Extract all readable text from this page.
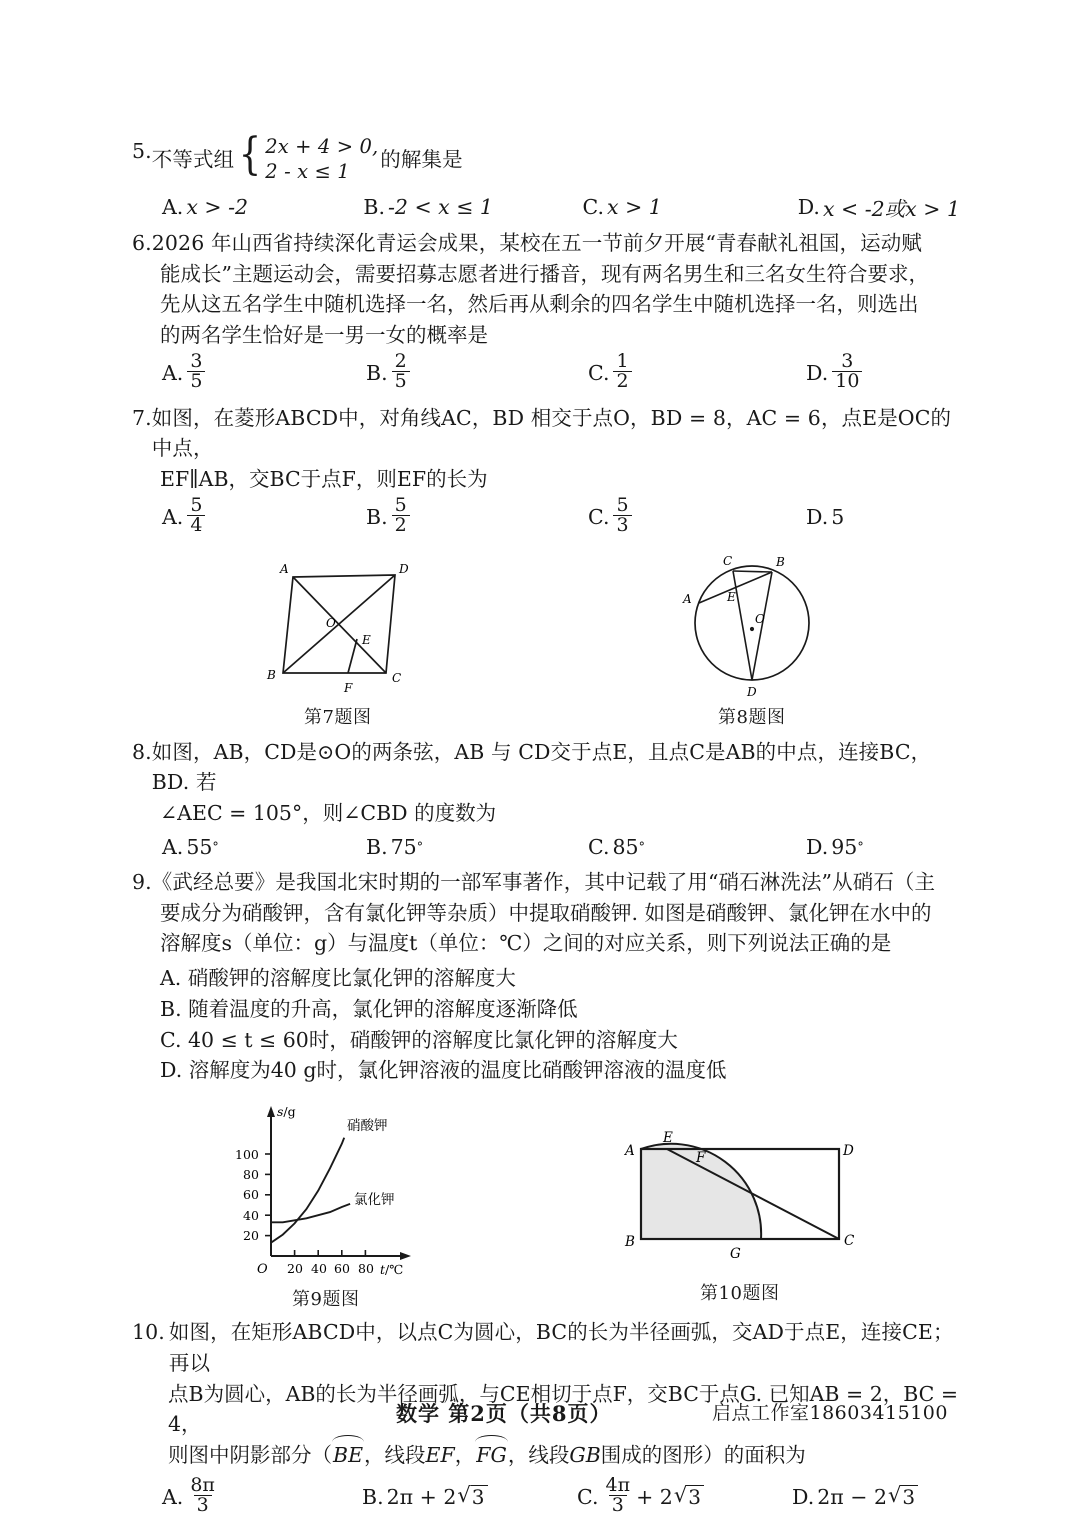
5. 不等式组 { 2x + 4 > 0,
2 - x ≤ 1	的解集是
A. x > -2	B. -2 < x ≤ 1	C. x > 1	D. x < -2或x > 1
6. 2026 年山西省持续深化青运会成果，某校在五一节前夕开展“青春献礼祖国，运动赋
能成长”主题运动会，需要招募志愿者进行播音，现有两名男生和三名女生符合要求，
先从这五名学生中随机选择一名，然后再从剩余的四名学生中随机选择一名，则选出
的两名学生恰好是一男一女的概率是
A. $\frac{3}{5}$	B. $\frac{2}{5}$	C. $\frac{1}{2}$	D. $\frac{3}{10}$
7. 如图，在菱形ABCD中，对角线AC，BD 相交于点O，BD = 8，AC = 6，点E是OC的中点，
EF∥AB，交BC于点F，则EF的长为
A. $\frac{5}{4}$	B. $\frac{5}{2}$	C. $\frac{5}{3}$	D. 5
A	D
B	C
O
E
F
第7题图
C	B
A	E
O
D
第8题图
8. 如图，AB，CD是⊙O的两条弦，AB 与 CD交于点E，且点C是AB的中点，连接BC，BD. 若
∠AEC = 105°，则∠CBD 的度数为
A. 55 °	B. 75 °	C. 85 °	D. 95 °
9. 《武经总要》是我国北宋时期的一部军事著作，其中记载了用“硝石淋洗法”从硝石（主
要成分为硝酸钾，含有氯化钾等杂质）中提取硝酸钾. 如图是硝酸钾、氯化钾在水中的
溶解度s（单位：g）与温度t（单位：℃）之间的对应关系，则下列说法正确的是
A. 硝酸钾的溶解度比氯化钾的溶解度大
B. 随着温度的升高，氯化钾的溶解度逐渐降低
C. 40 ≤ t ≤ 60时，硝酸钾的溶解度比氯化钾的溶解度大
D. 溶解度为40 g时，氯化钾溶液的温度比硝酸钾溶液的温度低
20
40
60
80
100
20 40 60 80
O
s/g
t/℃
硝酸钾
氯化钾
第9题图
A	D
B	C
E
F
G
第10题图
10. 如图，在矩形ABCD中，以点C为圆心，BC的长为半径画弧，交AD于点E，连接CE；再以
点B为圆心，AB的长为半径画弧，与CE相切于点F，交BC于点G. 已知AB = 2，BC = 4，
则图中阴影部分（BE，线段EF，FG，线段GB围成的图形）的面积为
A. $\frac{8\pi}{3}$	B. 2π + 2 √ 3	C. $\frac{4\pi}{3} + 2$ √ 3	D. 2π − 2 √ 3
数学 第2页（共8页）	启点工作室18603415100
